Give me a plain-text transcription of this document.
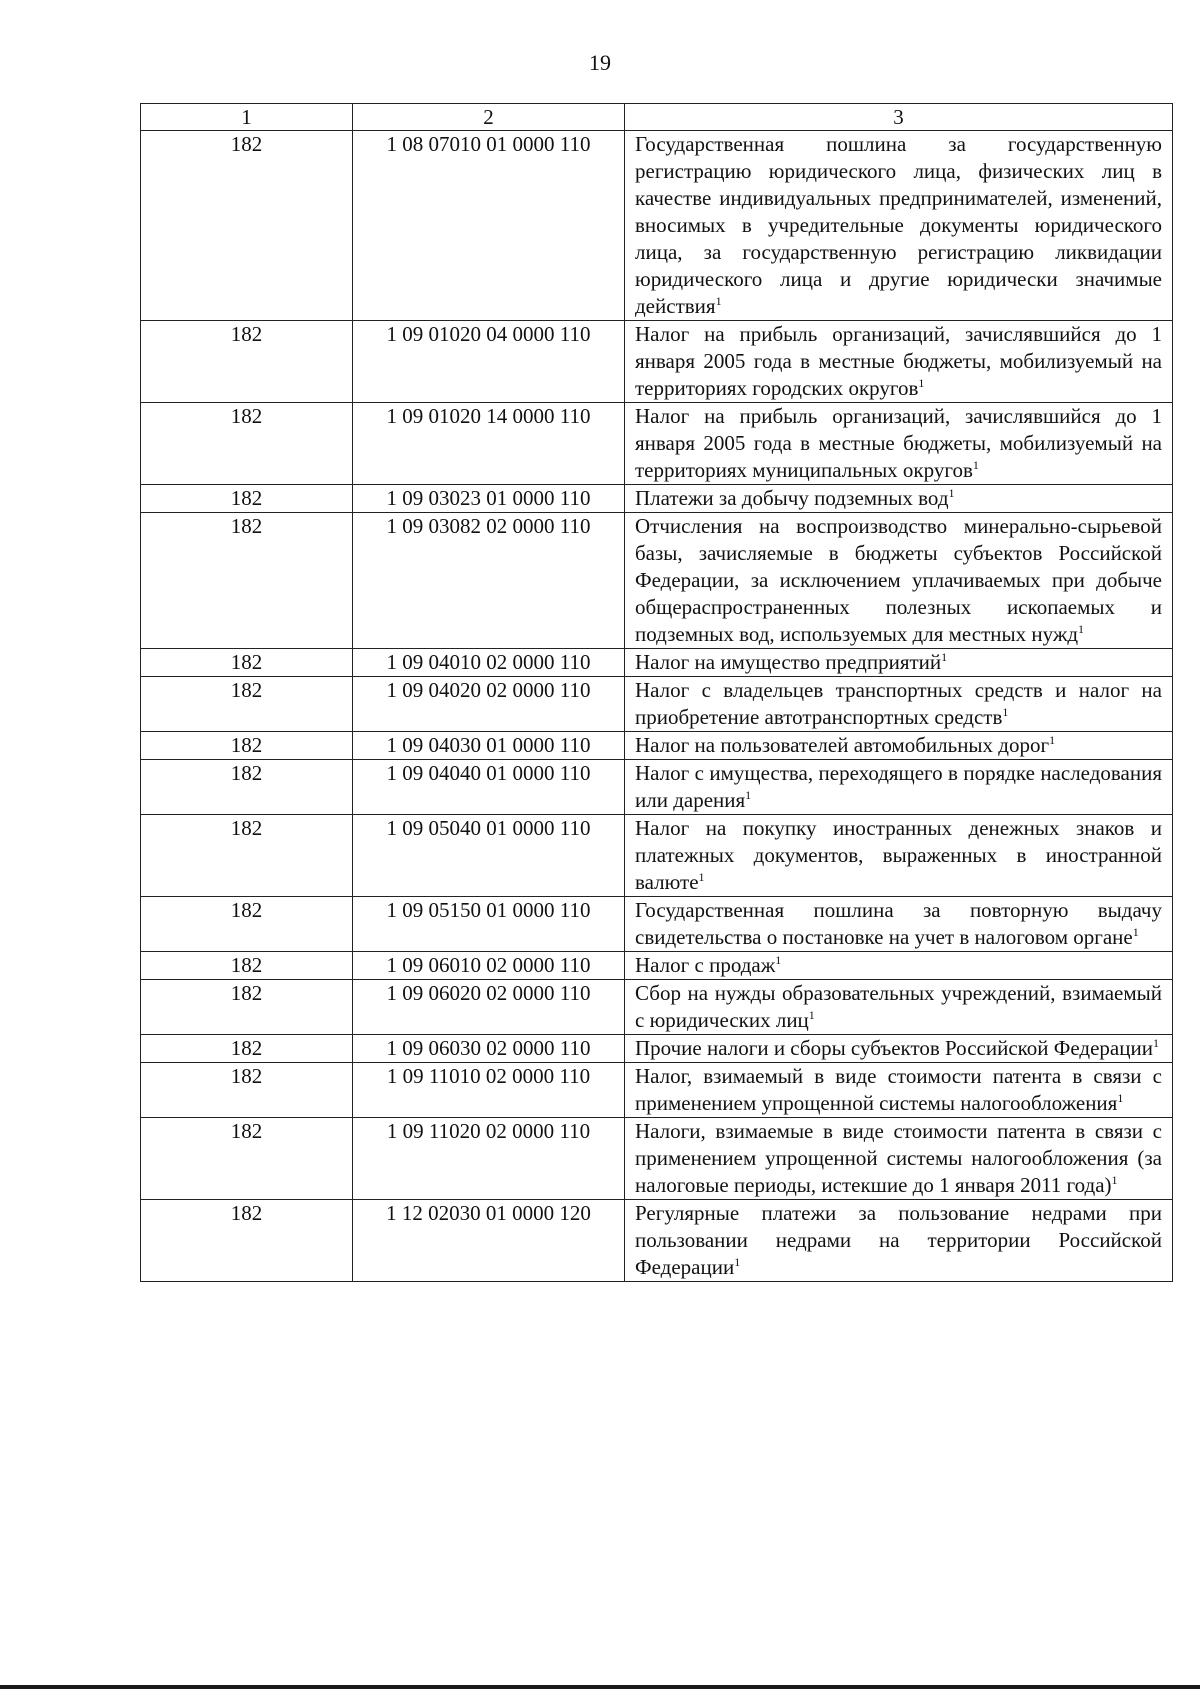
19
1	2	3
182	1 08 07010 01 0000 110	Государственная пошлина за государственную регистрацию юридического лица, физических лиц в качестве индивидуальных предпринимателей, изменений, вносимых в учредительные документы юридического лица, за государственную регистрацию ликвидации юридического лица и другие юридически значимые действия$^1$
182	1 09 01020 04 0000 110	Налог на прибыль организаций, зачислявшийся до 1 января 2005 года в местные бюджеты, мобилизуемый на территориях городских округов$^1$
182	1 09 01020 14 0000 110	Налог на прибыль организаций, зачислявшийся до 1 января 2005 года в местные бюджеты, мобилизуемый на территориях муниципальных округов$^1$
182	1 09 03023 01 0000 110	Платежи за добычу подземных вод$^1$
182	1 09 03082 02 0000 110	Отчисления на воспроизводство минерально-сырьевой базы, зачисляемые в бюджеты субъектов Российской Федерации, за исключением уплачиваемых при добыче общераспространенных полезных ископаемых и подземных вод, используемых для местных нужд$^1$
182	1 09 04010 02 0000 110	Налог на имущество предприятий$^1$
182	1 09 04020 02 0000 110	Налог с владельцев транспортных средств и налог на приобретение автотранспортных средств$^1$
182	1 09 04030 01 0000 110	Налог на пользователей автомобильных дорог$^1$
182	1 09 04040 01 0000 110	Налог с имущества, переходящего в порядке наследования или дарения$^1$
182	1 09 05040 01 0000 110	Налог на покупку иностранных денежных знаков и платежных документов, выраженных в иностранной валюте$^1$
182	1 09 05150 01 0000 110	Государственная пошлина за повторную выдачу свидетельства о постановке на учет в налоговом органе$^1$
182	1 09 06010 02 0000 110	Налог с продаж$^1$
182	1 09 06020 02 0000 110	Сбор на нужды образовательных учреждений, взимаемый с юридических лиц$^1$
182	1 09 06030 02 0000 110	Прочие налоги и сборы субъектов Российской Федерации$^1$
182	1 09 11010 02 0000 110	Налог, взимаемый в виде стоимости патента в связи с применением упрощенной системы налогообложения$^1$
182	1 09 11020 02 0000 110	Налоги, взимаемые в виде стоимости патента в связи с применением упрощенной системы налогообложения (за налоговые периоды, истекшие до 1 января 2011 года)$^1$
182	1 12 02030 01 0000 120	Регулярные платежи за пользование недрами при пользовании недрами на территории Российской Федерации$^1$
